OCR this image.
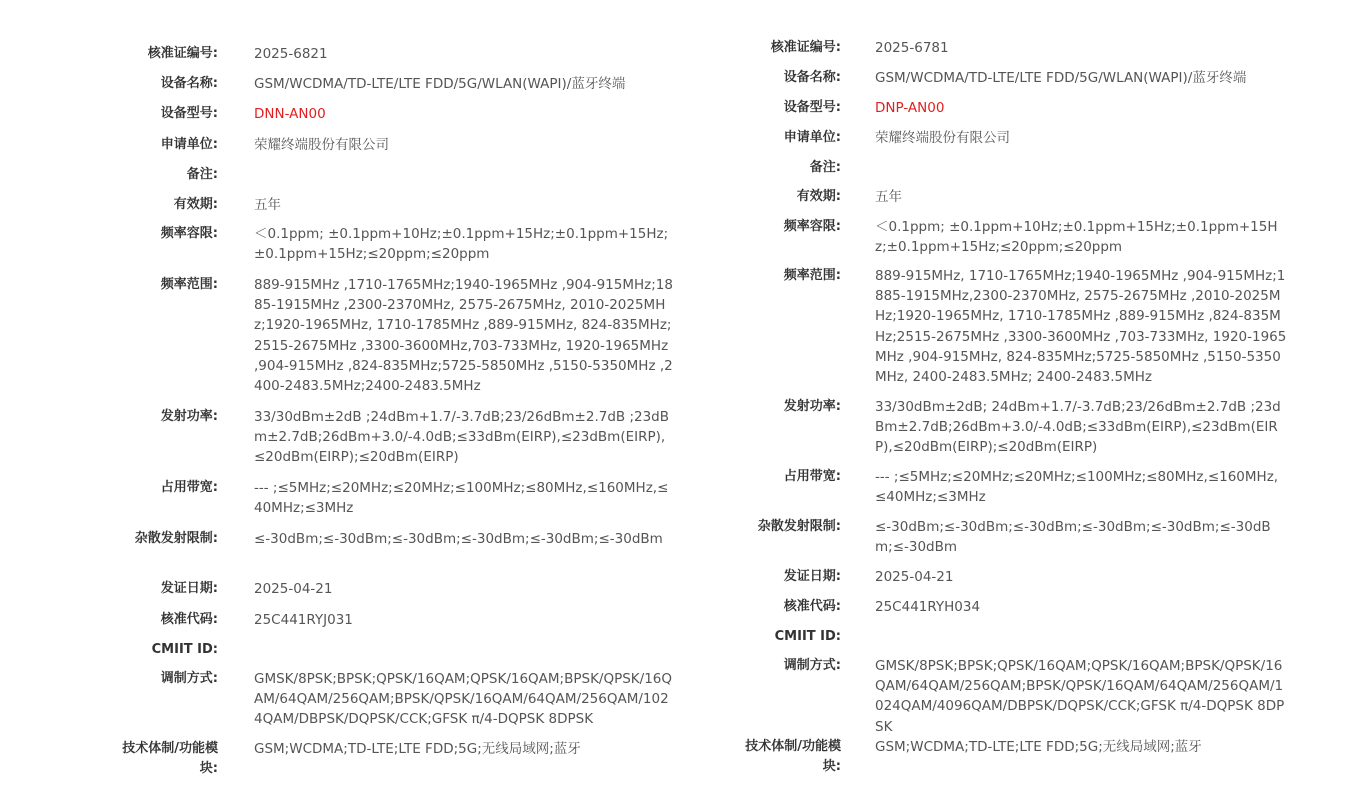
核准证编号:	2025-6821
设备名称:	GSM/WCDMA/TD-LTE/LTE FDD/5G/WLAN(WAPI)/蓝牙终端
设备型号:	DNN-AN00
申请单位:	荣耀终端股份有限公司
备注:
有效期:	五年
频率容限:	＜0.1ppm; ±0.1ppm+10Hz;±0.1ppm+15Hz;±0.1ppm+15Hz;±0.1ppm+15Hz;≤20ppm;≤20ppm
频率范围:	889-915MHz ,1710-1765MHz;1940-1965MHz ,904-915MHz;1885-1915MHz ,2300-2370MHz, 2575-2675MHz, 2010-2025MHz;1920-1965MHz, 1710-1785MHz ,889-915MHz, 824-835MHz;2515-2675MHz ,3300-3600MHz,703-733MHz, 1920-1965MHz ,904-915MHz ,824-835MHz;5725-5850MHz ,5150-5350MHz ,2400-2483.5MHz;2400-2483.5MHz
发射功率:	33/30dBm±2dB ;24dBm+1.7/-3.7dB;23/26dBm±2.7dB ;23dBm±2.7dB;26dBm+3.0/-4.0dB;≤33dBm(EIRP),≤23dBm(EIRP),≤20dBm(EIRP);≤20dBm(EIRP)
占用带宽:	--- ;≤5MHz;≤20MHz;≤20MHz;≤100MHz;≤80MHz,≤160MHz,≤40MHz;≤3MHz
杂散发射限制:	≤-30dBm;≤-30dBm;≤-30dBm;≤-30dBm;≤-30dBm;≤-30dBm
发证日期:	2025-04-21
核准代码:	25C441RYJ031
CMIIT ID:
调制方式:	GMSK/8PSK;BPSK;QPSK/16QAM;QPSK/16QAM;BPSK/QPSK/16QAM/64QAM/256QAM;BPSK/QPSK/16QAM/64QAM/256QAM/1024QAM/DBPSK/DQPSK/CCK;GFSK π/4-DQPSK 8DPSK
技术体制/功能模
块:
GSM;WCDMA;TD-LTE;LTE FDD;5G;无线局域网;蓝牙
核准证编号:	2025-6781
设备名称:	GSM/WCDMA/TD-LTE/LTE FDD/5G/WLAN(WAPI)/蓝牙终端
设备型号:	DNP-AN00
申请单位:	荣耀终端股份有限公司
备注:
有效期:	五年
频率容限:	＜0.1ppm; ±0.1ppm+10Hz;±0.1ppm+15Hz;±0.1ppm+15Hz;±0.1ppm+15Hz;≤20ppm;≤20ppm
频率范围:	889-915MHz, 1710-1765MHz;1940-1965MHz ,904-915MHz;1885-1915MHz,2300-2370MHz, 2575-2675MHz ,2010-2025MHz;1920-1965MHz, 1710-1785MHz ,889-915MHz ,824-835MHz;2515-2675MHz ,3300-3600MHz ,703-733MHz, 1920-1965MHz ,904-915MHz, 824-835MHz;5725-5850MHz ,5150-5350MHz, 2400-2483.5MHz; 2400-2483.5MHz
发射功率:	33/30dBm±2dB; 24dBm+1.7/-3.7dB;23/26dBm±2.7dB ;23dBm±2.7dB;26dBm+3.0/-4.0dB;≤33dBm(EIRP),≤23dBm(EIRP),≤20dBm(EIRP);≤20dBm(EIRP)
占用带宽:	--- ;≤5MHz;≤20MHz;≤20MHz;≤100MHz;≤80MHz,≤160MHz,≤40MHz;≤3MHz
杂散发射限制:	≤-30dBm;≤-30dBm;≤-30dBm;≤-30dBm;≤-30dBm;≤-30dBm;≤-30dBm
发证日期:	2025-04-21
核准代码:	25C441RYH034
CMIIT ID:
调制方式:	GMSK/8PSK;BPSK;QPSK/16QAM;QPSK/16QAM;BPSK/QPSK/16QAM/64QAM/256QAM;BPSK/QPSK/16QAM/64QAM/256QAM/1024QAM/4096QAM/DBPSK/DQPSK/CCK;GFSK π/4-DQPSK 8DPSK
技术体制/功能模
块:
GSM;WCDMA;TD-LTE;LTE FDD;5G;无线局域网;蓝牙
